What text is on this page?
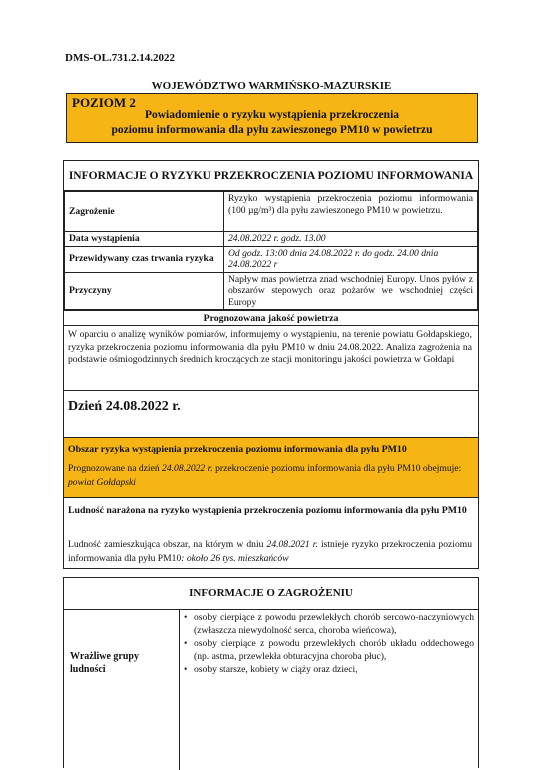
DMS-OL.731.2.14.2022
WOJEWÓDZTWO WARMIŃSKO-MAZURSKIE
POZIOM 2
Powiadomienie o ryzyku wystąpienia przekroczenia
poziomu informowania dla pyłu zawieszonego PM10 w powietrzu
INFORMACJE O RYZYKU PRZEKROCZENIA POZIOMU INFORMOWANIA
Zagrożenie	Ryzyko wystąpienia przekroczenia poziomu informowania (100 µg/m³) dla pyłu zawieszonego PM10 w powietrzu.
Data wystąpienia	24.08.2022 r. godz. 13.00
Przewidywany czas trwania ryzyka	Od godz. 13:00 dnia 24.08.2022 r. do godz. 24.00 dnia 24.08.2022 r
Przyczyny	Napływ mas powietrza znad wschodniej Europy. Unos pyłów z obszarów stepowych oraz pożarów we wschodniej części Europy
Prognozowana jakość powietrza
W oparciu o analizę wyników pomiarów, informujemy o wystąpieniu, na terenie powiatu Gołdapskiego, ryzyka przekroczenia poziomu informowania dla pyłu PM10 w dniu 24.08.2022. Analiza zagrożenia na podstawie ośmiogodzinnych średnich kroczących ze stacji monitoringu jakości powietrza w Gołdapi
Dzień 24.08.2022 r.
Obszar ryzyka wystąpienia przekroczenia poziomu informowania dla pyłu PM10
Prognozowane na dzień 24.08.2022 r. przekroczenie poziomu informowania dla pyłu PM10 obejmuje: powiat Gołdapski
Ludność narażona na ryzyko wystąpienia przekroczenia poziomu informowania dla pyłu PM10
Ludność zamieszkująca obszar, na którym w dniu 24.08.2021 r. istnieje ryzyko przekroczenia poziomu informowania dla pyłu PM10: około 26 tys. mieszkańców
INFORMACJE O ZAGROŻENIU
Wrażliwe grupy ludności
• osoby cierpiące z powodu przewlekłych chorób sercowo-naczyniowych (zwłaszcza niewydolność serca, choroba wieńcowa),
• osoby cierpiące z powodu przewlekłych chorób układu oddechowego (np. astma, przewlekła obturacyjna choroba płuc),
• osoby starsze, kobiety w ciąży oraz dzieci,
